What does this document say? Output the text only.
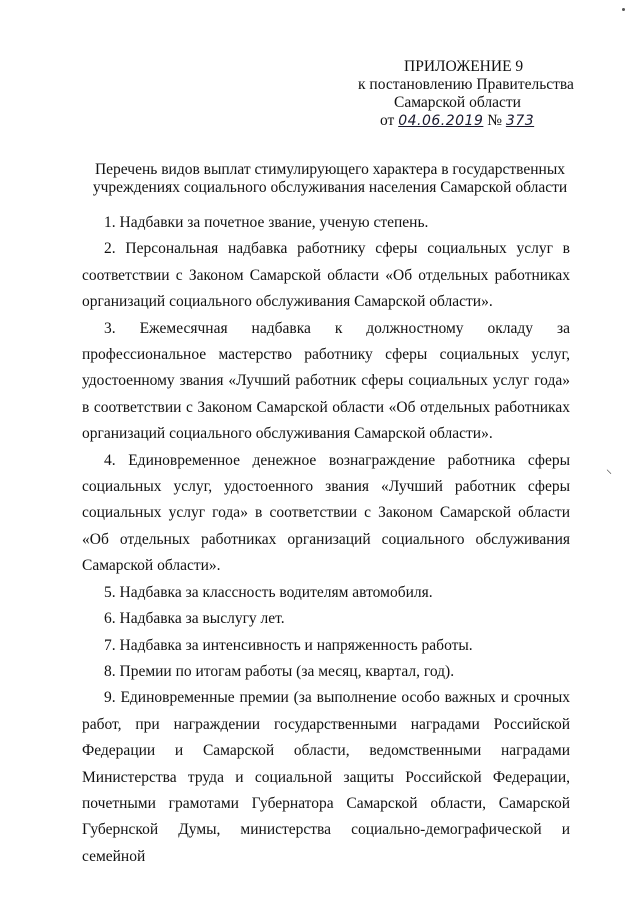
ПРИЛОЖЕНИЕ 9
к постановлению Правительства
Самарской области
от 04.06.2019 № 373
Перечень видов выплат стимулирующего характера в государственных
учреждениях социального обслуживания населения Самарской области

1. Надбавки за почетное звание, ученую степень.

2. Персональная надбавка работнику сферы социальных услуг в соответствии с Законом Самарской области «Об отдельных работниках организаций социального обслуживания Самарской области».

3. Ежемесячная надбавка к должностному окладу за профессиональное мастерство работнику сферы социальных услуг, удостоенному звания «Лучший работник сферы социальных услуг года» в соответствии с Законом Самарской области «Об отдельных работниках организаций социального обслуживания Самарской области».

4. Единовременное денежное вознаграждение работника сферы социальных услуг, удостоенного звания «Лучший работник сферы социальных услуг года» в соответствии с Законом Самарской области «Об отдельных работниках организаций социального обслуживания Самарской области».

5. Надбавка за классность водителям автомобиля.

6. Надбавка за выслугу лет.

7. Надбавка за интенсивность и напряженность работы.

8. Премии по итогам работы (за месяц, квартал, год).

9. Единовременные премии (за выполнение особо важных и срочных работ, при награждении государственными наградами Российской Федерации и Самарской области, ведомственными наградами Министерства труда и социальной защиты Российской Федерации, почетными грамотами Губернатора Самарской области, Самарской Губернской Думы, министерства социально-демографической и семейной

⸜
